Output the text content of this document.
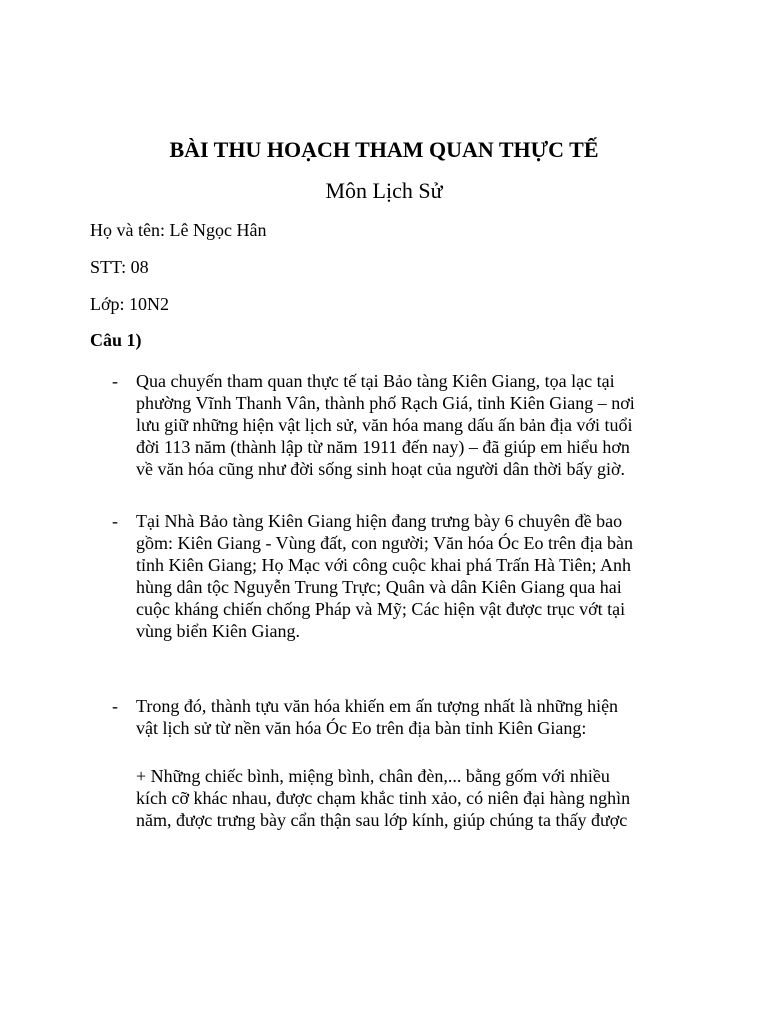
BÀI THU HOẠCH THAM QUAN THỰC TẾ
Môn Lịch Sử

Họ và tên: Lê Ngọc Hân

STT: 08

Lớp: 10N2

Câu 1)

- Qua chuyến tham quan thực tế tại Bảo tàng Kiên Giang, tọa lạc tại
phường Vĩnh Thanh Vân, thành phố Rạch Giá, tỉnh Kiên Giang – nơi
lưu giữ những hiện vật lịch sử, văn hóa mang dấu ấn bản địa với tuổi
đời 113 năm (thành lập từ năm 1911 đến nay) – đã giúp em hiểu hơn
về văn hóa cũng như đời sống sinh hoạt của người dân thời bấy giờ.
- Tại Nhà Bảo tàng Kiên Giang hiện đang trưng bày 6 chuyên đề bao
gồm: Kiên Giang - Vùng đất, con người; Văn hóa Óc Eo trên địa bàn
tỉnh Kiên Giang; Họ Mạc với công cuộc khai phá Trấn Hà Tiên; Anh
hùng dân tộc Nguyễn Trung Trực; Quân và dân Kiên Giang qua hai
cuộc kháng chiến chống Pháp và Mỹ; Các hiện vật được trục vớt tại
vùng biển Kiên Giang.
- Trong đó, thành tựu văn hóa khiến em ấn tượng nhất là những hiện
vật lịch sử từ nền văn hóa Óc Eo trên địa bàn tỉnh Kiên Giang:
+ Những chiếc bình, miệng bình, chân đèn,... bằng gốm với nhiều
kích cỡ khác nhau, được chạm khắc tinh xảo, có niên đại hàng nghìn
năm, được trưng bày cẩn thận sau lớp kính, giúp chúng ta thấy được
